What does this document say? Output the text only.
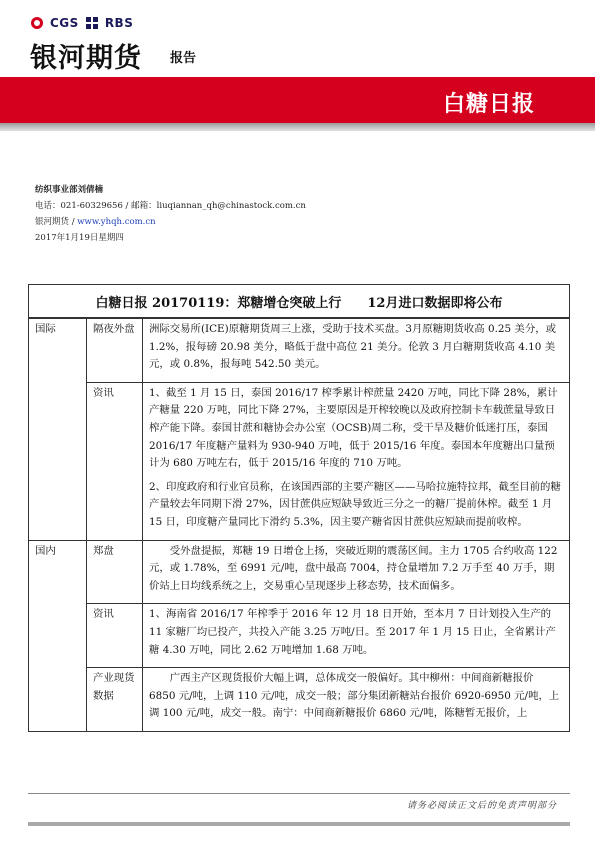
CGS RBS
银河期货 报告
白糖日报
纺织事业部刘倩楠
电话：021-60329656 / 邮箱：liuqiannan_qh@chinastock.com.cn
银河期货 / www.yhqh.com.cn
2017年1月19日星期四
白糖日报 20170119：郑糖增仓突破上行　　12月进口数据即将公布
国际	隔夜外盘	洲际交易所(ICE)原糖期货周三上涨，受助于技术买盘。3月原糖期货收高 0.25 美分，或 1.2%，报每磅 20.98 美分，略低于盘中高位 21 美分。伦敦 3 月白糖期货收高 4.10 美元，或 0.8%，报每吨 542.50 美元。

	资讯	1、截至 1 月 15 日，泰国 2016/17 榨季累计榨蔗量 2420 万吨，同比下降 28%，累计产糖量 220 万吨，同比下降 27%，主要原因是开榨较晚以及政府控制卡车载蔗量导致日榨产能下降。泰国甘蔗和糖协会办公室（OCSB)周二称，受干旱及糖价低迷打压，泰国 2016/17 年度糖产量料为 930-940 万吨，低于 2015/16 年度。泰国本年度糖出口量预计为 680 万吨左右，低于 2015/16 年度的 710 万吨。
2、印度政府和行业官员称，在该国西部的主要产糖区——马哈拉施特拉邦，截至目前的糖产量较去年同期下滑 27%，因甘蔗供应短缺导致近三分之一的糖厂提前休榨。截至 1 月 15 日，印度糖产量同比下滑约 5.3%，因主要产糖省因甘蔗供应短缺而提前收榨。

国内	郑盘	　　受外盘提振，郑糖 19 日增仓上扬，突破近期的震荡区间。主力 1705 合约收高 122 元，或 1.78%，至 6991 元/吨，盘中最高 7004，持仓量增加 7.2 万手至 40 万手，期价站上日均线系统之上，交易重心呈现逐步上移态势，技术面偏多。

	资讯	1、海南省 2016/17 年榨季于 2016 年 12 月 18 日开始，至本月 7 日计划投入生产的 11 家糖厂均已投产，共投入产能 3.25 万吨/日。至 2017 年 1 月 15 日止，全省累计产糖 4.30 万吨，同比 2.62 万吨增加 1.68 万吨。

	产业现货数据	　　广西主产区现货报价大幅上调，总体成交一般偏好。其中柳州：中间商新糖报价 6850 元/吨，上调 110 元/吨，成交一般；部分集团新糖站台报价 6920-6950 元/吨，上调 100 元/吨，成交一般。南宁：中间商新糖报价 6860 元/吨，陈糖暂无报价，上
请务必阅读正文后的免责声明部分
